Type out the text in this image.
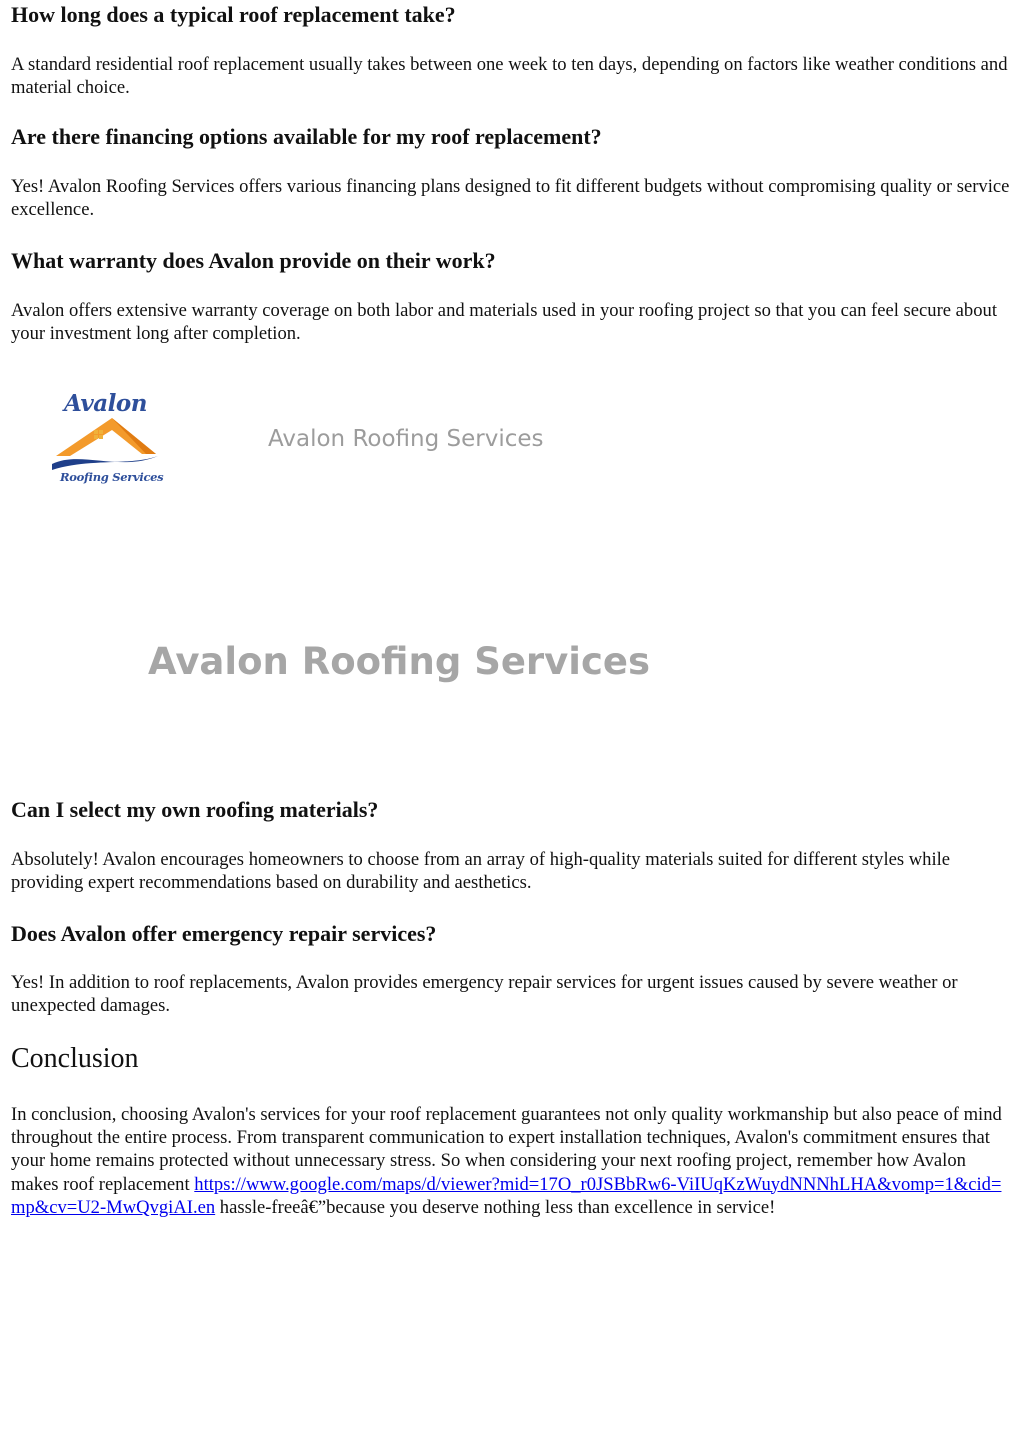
How long does a typical roof replacement take?

A standard residential roof replacement usually takes between one week to ten days, depending on factors like weather conditions and material choice.

Are there financing options available for my roof replacement?

Yes! Avalon Roofing Services offers various financing plans designed to fit different budgets without compromising quality or service excellence.

What warranty does Avalon provide on their work?

Avalon offers extensive warranty coverage on both labor and materials used in your roofing project so that you can feel secure about your investment long after completion.

Avalon
Roofing Services
Avalon Roofing Services
Avalon Roofing Services
Can I select my own roofing materials?

Absolutely! Avalon encourages homeowners to choose from an array of high-quality materials suited for different styles while providing expert recommendations based on durability and aesthetics.

Does Avalon offer emergency repair services?

Yes! In addition to roof replacements, Avalon provides emergency repair services for urgent issues caused by severe weather or unexpected damages.

Conclusion

In conclusion, choosing Avalon's services for your roof replacement guarantees not only quality workmanship but also peace of mind throughout the entire process. From transparent communication to expert installation techniques, Avalon's commitment ensures that your home remains protected without unnecessary stress. So when considering your next roofing project, remember how Avalon makes roof replacement https://www.google.com/maps/d/viewer?mid=17O_r0JSBbRw6-ViIUqKzWuydNNNhLHA&vomp=1&cid=mp&cv=U2-MwQvgiAI.en hassle-freeâ€”because you deserve nothing less than excellence in service!
